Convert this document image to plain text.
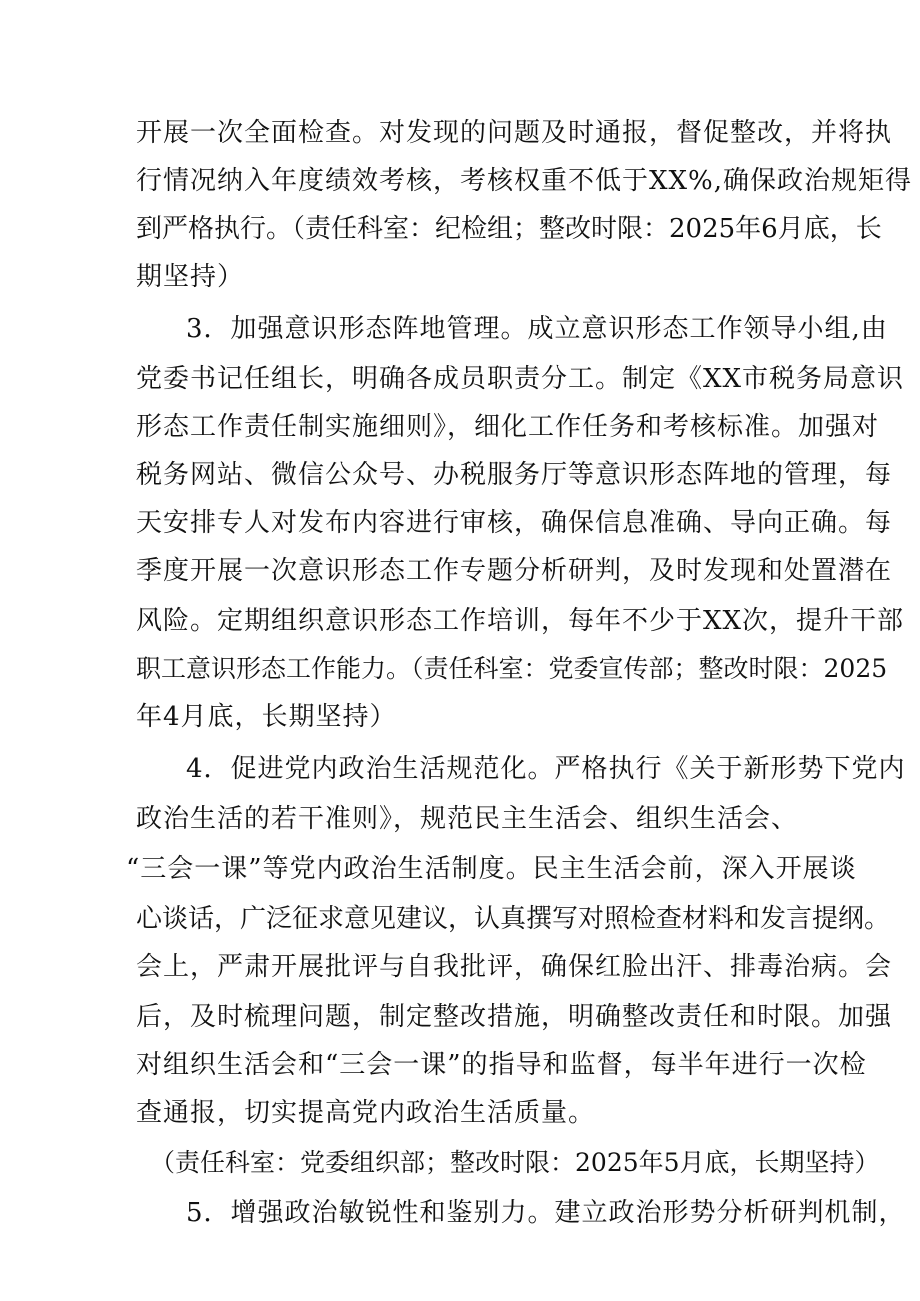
开展一次全面检查。对发现的问题及时通报，督促整改，并将执
行情况纳入年度绩效考核，考核权重不低于XX%,确保政治规矩得
到严格执行。（责任科室：纪检组；整改时限：2025年6月底，长
期坚持）
3．加强意识形态阵地管理。成立意识形态工作领导小组,由
党委书记任组长，明确各成员职责分工。制定《XX市税务局意识
形态工作责任制实施细则》，细化工作任务和考核标准。加强对
税务网站、微信公众号、办税服务厅等意识形态阵地的管理，每
天安排专人对发布内容进行审核，确保信息准确、导向正确。每
季度开展一次意识形态工作专题分析研判，及时发现和处置潜在
风险。定期组织意识形态工作培训，每年不少于XX次，提升干部
职工意识形态工作能力。（责任科室：党委宣传部；整改时限：2025
年4月底，长期坚持）
4．促进党内政治生活规范化。严格执行《关于新形势下党内
政治生活的若干准则》，规范民主生活会、组织生活会、
“三会一课”等党内政治生活制度。民主生活会前，深入开展谈
心谈话，广泛征求意见建议，认真撰写对照检查材料和发言提纲。
会上，严肃开展批评与自我批评，确保红脸出汗、排毒治病。会
后，及时梳理问题，制定整改措施，明确整改责任和时限。加强
对组织生活会和“三会一课”的指导和监督，每半年进行一次检
查通报，切实提高党内政治生活质量。
（责任科室：党委组织部；整改时限：2025年5月底，长期坚持）
5．增强政治敏锐性和鉴别力。建立政治形势分析研判机制，
